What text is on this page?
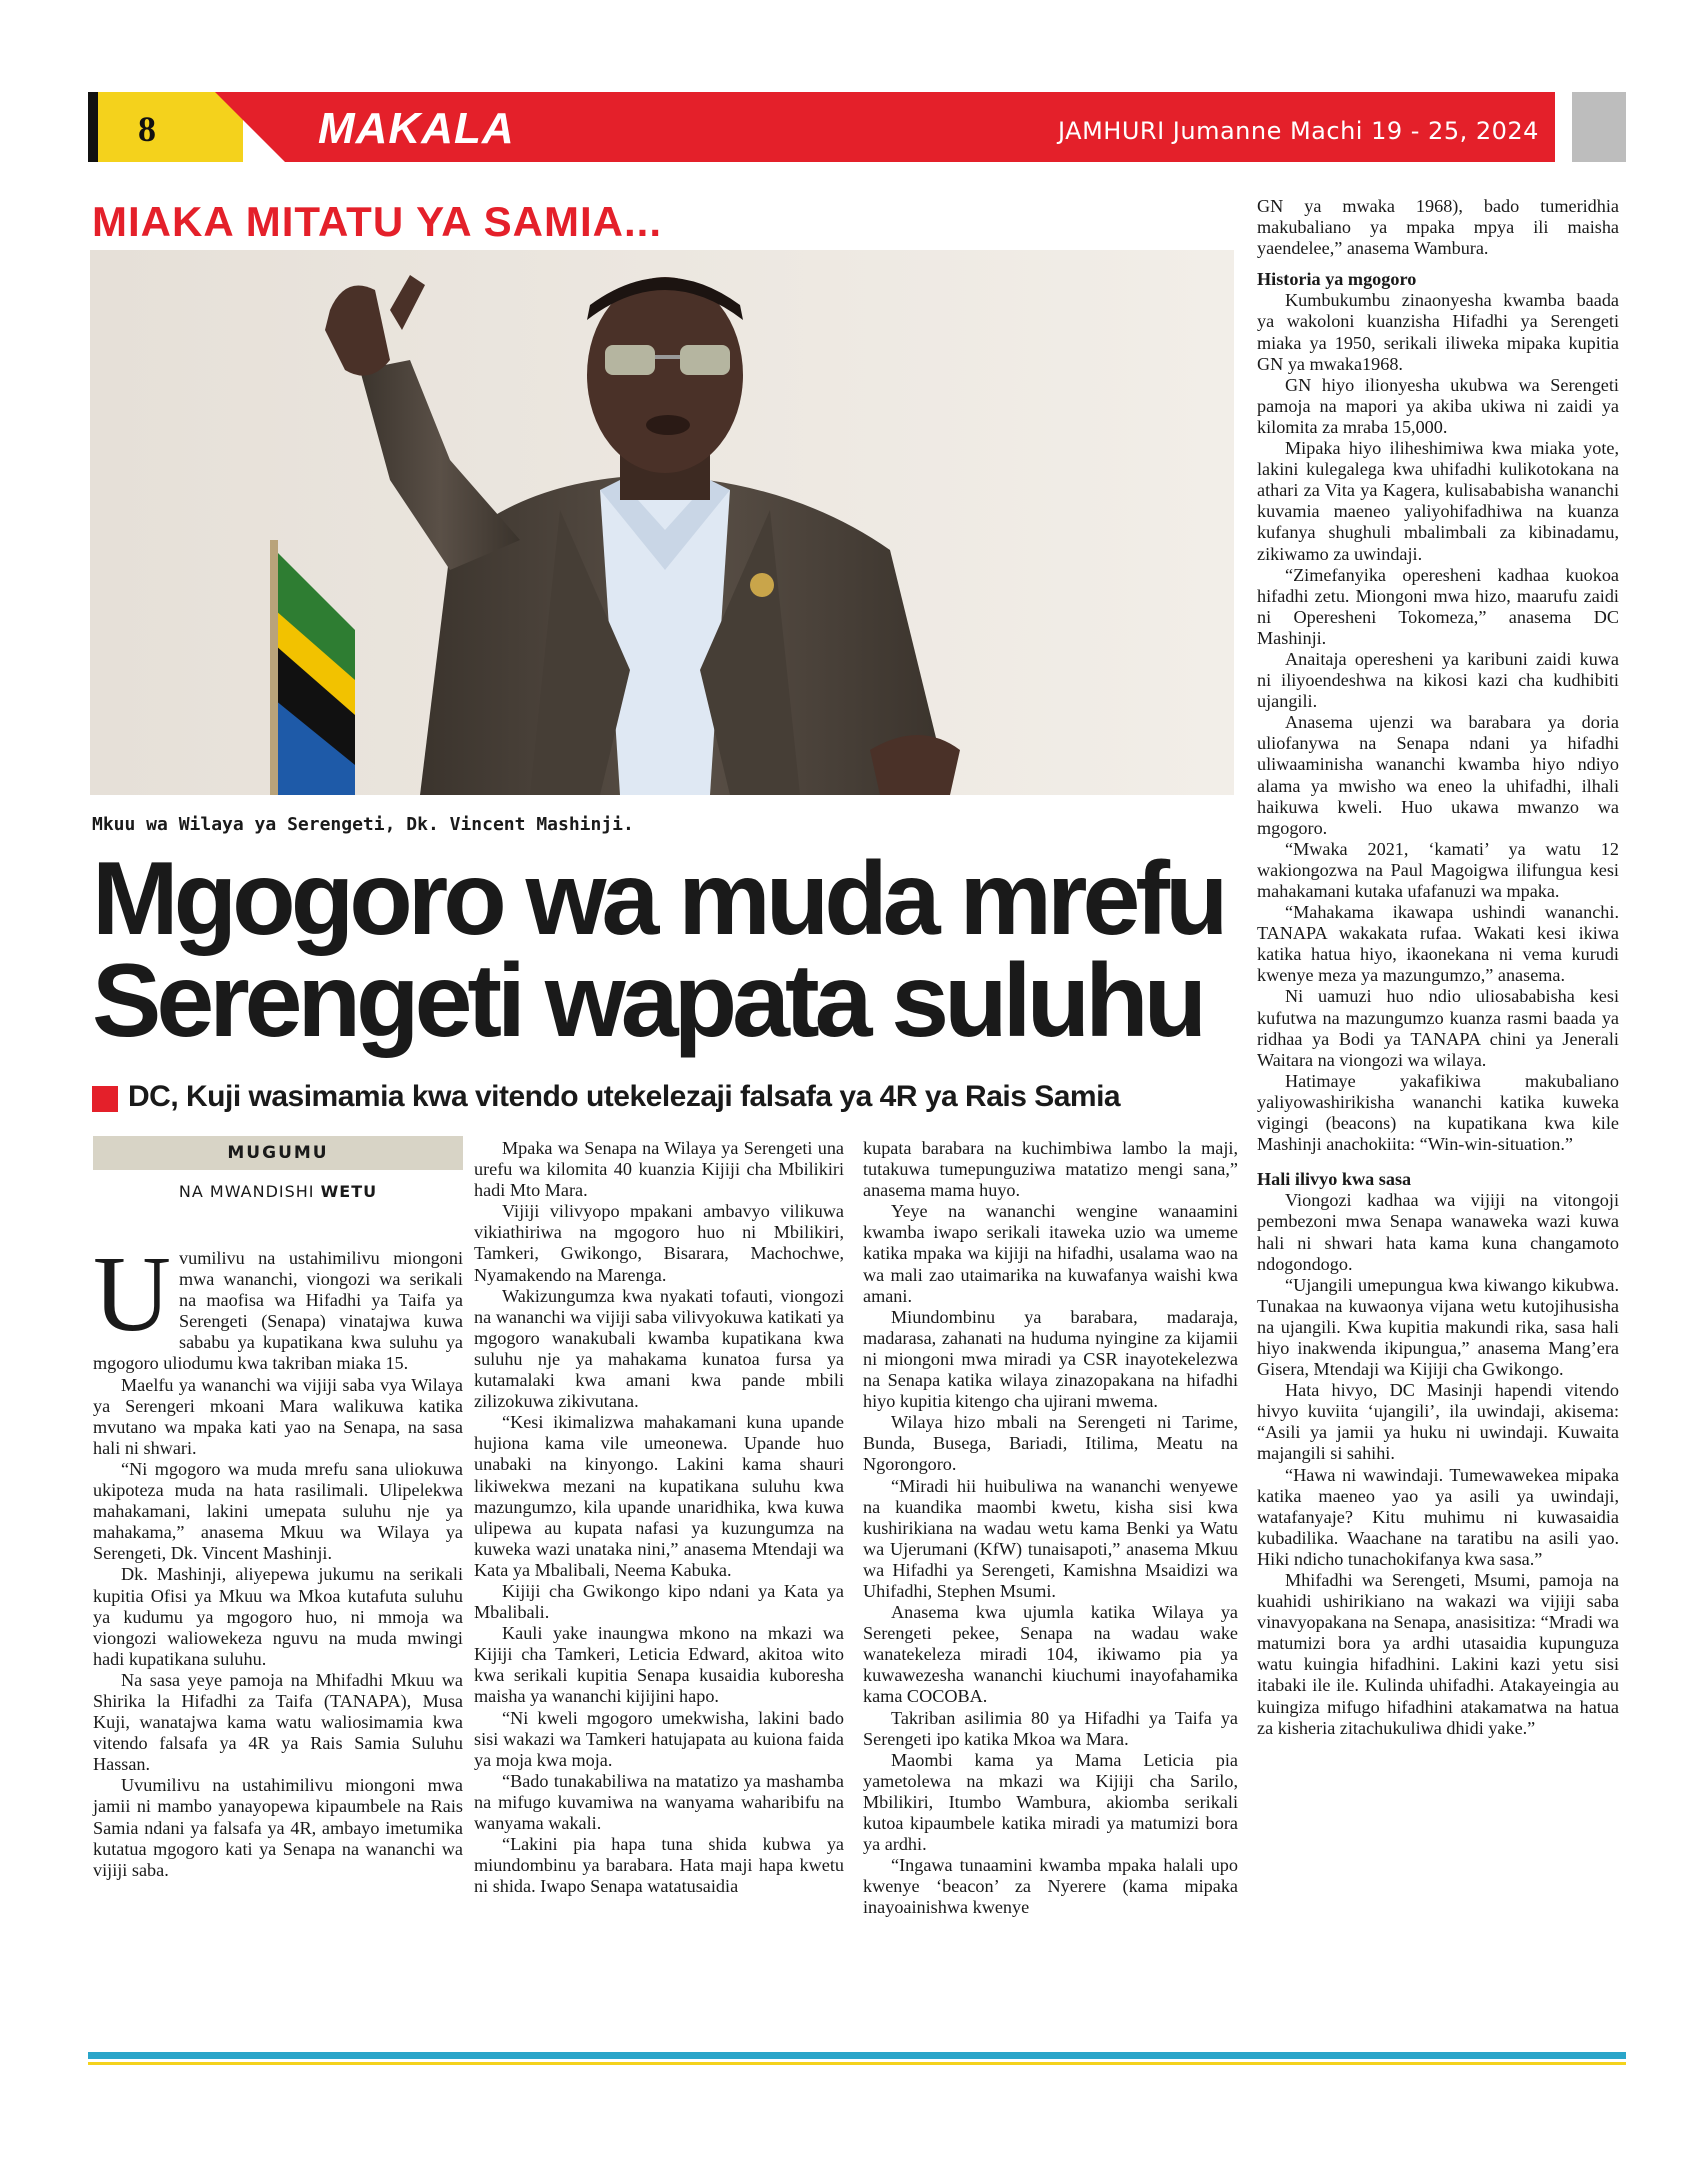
8	MAKALA	JAMHURI Jumanne Machi 19 - 25, 2024
MIAKA MITATU YA SAMIA...
Mkuu wa Wilaya ya Serengeti, Dk. Vincent Mashinji.
Mgogoro wa muda mrefu
Serengeti wapata suluhu
DC, Kuji wasimamia kwa vitendo utekelezaji falsafa ya 4R ya Rais Samia
MUGUMU
NA MWANDISHI WETU

Uvumilivu na ustahimilivu miongoni mwa wananchi, viongozi wa serikali na maofisa wa Hifadhi ya Taifa ya Serengeti (Senapa) vinatajwa kuwa sababu ya kupatikana kwa suluhu ya mgogoro uliodumu kwa takriban miaka 15.

Maelfu ya wananchi wa vijiji saba vya Wilaya ya Serengeri mkoani Mara walikuwa katika mvutano wa mpaka kati yao na Senapa, na sasa hali ni shwari.

“Ni mgogoro wa muda mrefu sana uliokuwa ukipoteza muda na hata rasilimali. Ulipelekwa mahakamani, lakini umepata suluhu nje ya mahakama,” anasema Mkuu wa Wilaya ya Serengeti, Dk. Vincent Mashinji.

Dk. Mashinji, aliyepewa jukumu na serikali kupitia Ofisi ya Mkuu wa Mkoa kutafuta suluhu ya kudumu ya mgogoro huo, ni mmoja wa viongozi waliowekeza nguvu na muda mwingi hadi kupatikana suluhu.

Na sasa yeye pamoja na Mhifadhi Mkuu wa Shirika la Hifadhi za Taifa (TANAPA), Musa Kuji, wanatajwa kama watu waliosimamia kwa vitendo falsafa ya 4R ya Rais Samia Suluhu Hassan.

Uvumilivu na ustahimilivu miongoni mwa jamii ni mambo yanayopewa kipaumbele na Rais Samia ndani ya falsafa ya 4R, ambayo imetumika kutatua mgogoro kati ya Senapa na wananchi wa vijiji saba.

Mpaka wa Senapa na Wilaya ya Serengeti una urefu wa kilomita 40 kuanzia Kijiji cha Mbilikiri hadi Mto Mara.

Vijiji vilivyopo mpakani ambavyo vilikuwa vikiathiriwa na mgogoro huo ni Mbilikiri, Tamkeri, Gwikongo, Bisarara, Machochwe, Nyamakendo na Marenga.

Wakizungumza kwa nyakati tofauti, viongozi na wananchi wa vijiji saba vilivyokuwa katikati ya mgogoro wanakubali kwamba kupatikana kwa suluhu nje ya mahakama kunatoa fursa ya kutamalaki kwa amani kwa pande mbili zilizokuwa zikivutana.

“Kesi ikimalizwa mahakamani kuna upande hujiona kama vile umeonewa. Upande huo unabaki na kinyongo. Lakini kama shauri likiwekwa mezani na kupatikana suluhu kwa mazungumzo, kila upande unaridhika, kwa kuwa ulipewa au kupata nafasi ya kuzungumza na kuweka wazi unataka nini,” anasema Mtendaji wa Kata ya Mbalibali, Neema Kabuka.

Kijiji cha Gwikongo kipo ndani ya Kata ya Mbalibali.

Kauli yake inaungwa mkono na mkazi wa Kijiji cha Tamkeri, Leticia Edward, akitoa wito kwa serikali kupitia Senapa kusaidia kuboresha maisha ya wananchi kijijini hapo.

“Ni kweli mgogoro umekwisha, lakini bado sisi wakazi wa Tamkeri hatujapata au kuiona faida ya moja kwa moja.

“Bado tunakabiliwa na matatizo ya mashamba na mifugo kuvamiwa na wanyama waharibifu na wanyama wakali.

“Lakini pia hapa tuna shida kubwa ya miundombinu ya barabara. Hata maji hapa kwetu ni shida. Iwapo Senapa watatusaidia

kupata barabara na kuchimbiwa lambo la maji, tutakuwa tumepunguziwa matatizo mengi sana,” anasema mama huyo.

Yeye na wananchi wengine wanaamini kwamba iwapo serikali itaweka uzio wa umeme katika mpaka wa kijiji na hifadhi, usalama wao na wa mali zao utaimarika na kuwafanya waishi kwa amani.

Miundombinu ya barabara, madaraja, madarasa, zahanati na huduma nyingine za kijamii ni miongoni mwa miradi ya CSR inayotekelezwa na Senapa katika wilaya zinazopakana na hifadhi hiyo kupitia kitengo cha ujirani mwema.

Wilaya hizo mbali na Serengeti ni Tarime, Bunda, Busega, Bariadi, Itilima, Meatu na Ngorongoro.

“Miradi hii huibuliwa na wananchi wenyewe na kuandika maombi kwetu, kisha sisi kwa kushirikiana na wadau wetu kama Benki ya Watu wa Ujerumani (KfW) tunaisapoti,” anasema Mkuu wa Hifadhi ya Serengeti, Kamishna Msaidizi wa Uhifadhi, Stephen Msumi.

Anasema kwa ujumla katika Wilaya ya Serengeti pekee, Senapa na wadau wake wanatekeleza miradi 104, ikiwamo pia ya kuwawezesha wananchi kiuchumi inayofahamika kama COCOBA.

Takriban asilimia 80 ya Hifadhi ya Taifa ya Serengeti ipo katika Mkoa wa Mara.

Maombi kama ya Mama Leticia pia yametolewa na mkazi wa Kijiji cha Sarilo, Mbilikiri, Itumbo Wambura, akiomba serikali kutoa kipaumbele katika miradi ya matumizi bora ya ardhi.

“Ingawa tunaamini kwamba mpaka halali upo kwenye ‘beacon’ za Nyerere (kama mipaka inayoainishwa kwenye

GN ya mwaka 1968), bado tumeridhia makubaliano ya mpaka mpya ili maisha yaendelee,” anasema Wambura.

Historia ya mgogoro

Kumbukumbu zinaonyesha kwamba baada ya wakoloni kuanzisha Hifadhi ya Serengeti miaka ya 1950, serikali iliweka mipaka kupitia GN ya mwaka1968.

GN hiyo ilionyesha ukubwa wa Serengeti pamoja na mapori ya akiba ukiwa ni zaidi ya kilomita za mraba 15,000.

Mipaka hiyo iliheshimiwa kwa miaka yote, lakini kulegalega kwa uhifadhi kulikotokana na athari za Vita ya Kagera, kulisababisha wananchi kuvamia maeneo yaliyohifadhiwa na kuanza kufanya shughuli mbalimbali za kibinadamu, zikiwamo za uwindaji.

“Zimefanyika operesheni kadhaa kuokoa hifadhi zetu. Miongoni mwa hizo, maarufu zaidi ni Operesheni Tokomeza,” anasema DC Mashinji.

Anaitaja operesheni ya karibuni zaidi kuwa ni iliyoendeshwa na kikosi kazi cha kudhibiti ujangili.

Anasema ujenzi wa barabara ya doria uliofanywa na Senapa ndani ya hifadhi uliwaaminisha wananchi kwamba hiyo ndiyo alama ya mwisho wa eneo la uhifadhi, ilhali haikuwa kweli. Huo ukawa mwanzo wa mgogoro.

“Mwaka 2021, ‘kamati’ ya watu 12 wakiongozwa na Paul Magoigwa ilifungua kesi mahakamani kutaka ufafanuzi wa mpaka.

“Mahakama ikawapa ushindi wananchi. TANAPA wakakata rufaa. Wakati kesi ikiwa katika hatua hiyo, ikaonekana ni vema kurudi kwenye meza ya mazungumzo,” anasema.

Ni uamuzi huo ndio uliosababisha kesi kufutwa na mazungumzo kuanza rasmi baada ya ridhaa ya Bodi ya TANAPA chini ya Jenerali Waitara na viongozi wa wilaya.

Hatimaye yakafikiwa makubaliano yaliyowashirikisha wananchi katika kuweka vigingi (beacons) na kupatikana kwa kile Mashinji anachokiita: “Win-win-situation.”

Hali ilivyo kwa sasa

Viongozi kadhaa wa vijiji na vitongoji pembezoni mwa Senapa wanaweka wazi kuwa hali ni shwari hata kama kuna changamoto ndogondogo.

“Ujangili umepungua kwa kiwango kikubwa. Tunakaa na kuwaonya vijana wetu kutojihusisha na ujangili. Kwa kupitia makundi rika, sasa hali hiyo inakwenda ikipungua,” anasema Mang’era Gisera, Mtendaji wa Kijiji cha Gwikongo.

Hata hivyo, DC Masinji hapendi vitendo hivyo kuviita ‘ujangili’, ila uwindaji, akisema: “Asili ya jamii ya huku ni uwindaji. Kuwaita majangili si sahihi.

“Hawa ni wawindaji. Tumewawekea mipaka katika maeneo yao ya asili ya uwindaji, watafanyaje? Kitu muhimu ni kuwasaidia kubadilika. Waachane na taratibu na asili yao. Hiki ndicho tunachokifanya kwa sasa.”

Mhifadhi wa Serengeti, Msumi, pamoja na kuahidi ushirikiano na wakazi wa vijiji saba vinavyopakana na Senapa, anasisitiza: “Mradi wa matumizi bora ya ardhi utasaidia kupunguza watu kuingia hifadhini. Lakini kazi yetu sisi itabaki ile ile. Kulinda uhifadhi. Atakayeingia au kuingiza mifugo hifadhini atakamatwa na hatua za kisheria zitachukuliwa dhidi yake.”
